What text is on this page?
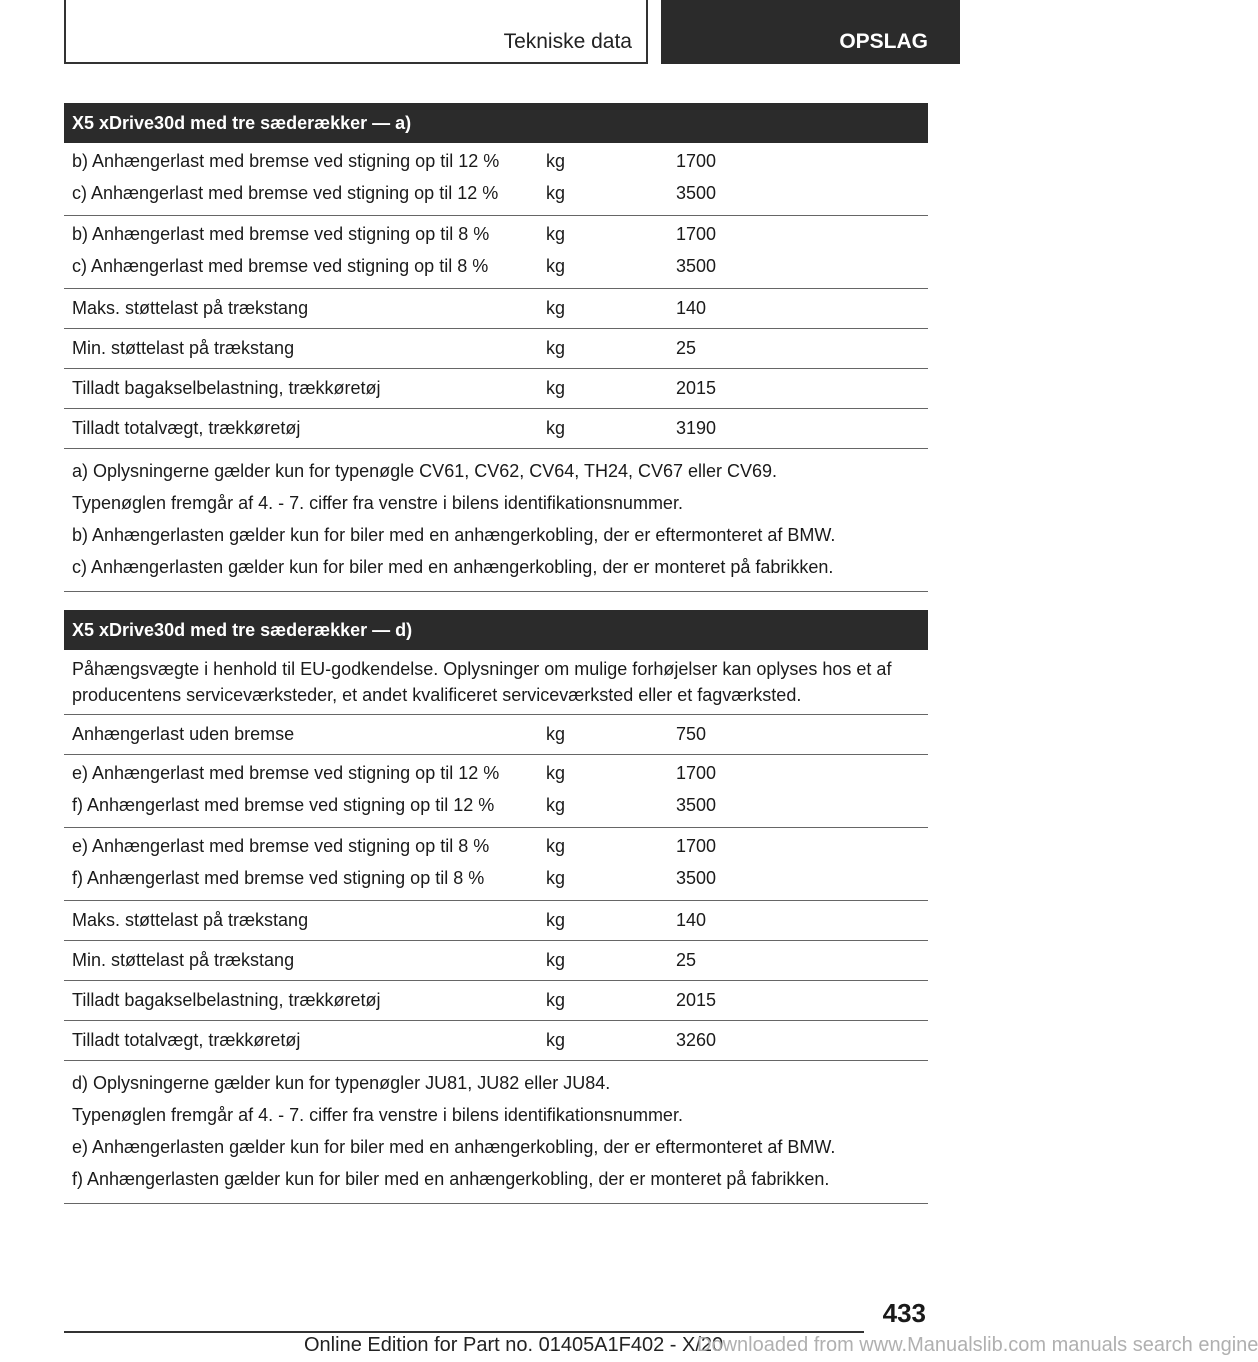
Tekniske data	OPSLAG
X5 xDrive30d med tre sæderækker — a)
b) Anhængerlast med bremse ved stigning op til 12 %	kg	1700
c) Anhængerlast med bremse ved stigning op til 12 %	kg	3500
b) Anhængerlast med bremse ved stigning op til 8 %	kg	1700
c) Anhængerlast med bremse ved stigning op til 8 %	kg	3500
Maks. støttelast på trækstang	kg	140
Min. støttelast på trækstang	kg	25
Tilladt bagakselbelastning, trækkøretøj	kg	2015
Tilladt totalvægt, trækkøretøj	kg	3190
a) Oplysningerne gælder kun for typenøgle CV61, CV62, CV64, TH24, CV67 eller CV69.
Typenøglen fremgår af 4. - 7. ciffer fra venstre i bilens identifikationsnummer.
b) Anhængerlasten gælder kun for biler med en anhængerkobling, der er eftermonteret af BMW.
c) Anhængerlasten gælder kun for biler med en anhængerkobling, der er monteret på fabrikken.
X5 xDrive30d med tre sæderækker — d)
Påhængsvægte i henhold til EU-godkendelse. Oplysninger om mulige forhøjelser kan oplyses hos et af producentens serviceværksteder, et andet kvalificeret serviceværksted eller et fagværksted.
Anhængerlast uden bremse	kg	750
e) Anhængerlast med bremse ved stigning op til 12 %	kg	1700
f) Anhængerlast med bremse ved stigning op til 12 %	kg	3500
e) Anhængerlast med bremse ved stigning op til 8 %	kg	1700
f) Anhængerlast med bremse ved stigning op til 8 %	kg	3500
Maks. støttelast på trækstang	kg	140
Min. støttelast på trækstang	kg	25
Tilladt bagakselbelastning, trækkøretøj	kg	2015
Tilladt totalvægt, trækkøretøj	kg	3260
d) Oplysningerne gælder kun for typenøgler JU81, JU82 eller JU84.
Typenøglen fremgår af 4. - 7. ciffer fra venstre i bilens identifikationsnummer.
e) Anhængerlasten gælder kun for biler med en anhængerkobling, der er eftermonteret af BMW.
f) Anhængerlasten gælder kun for biler med en anhængerkobling, der er monteret på fabrikken.
433
Online Edition for Part no. 01405A1F402 - X/20
Downloaded from www.Manualslib.com manuals search engine
